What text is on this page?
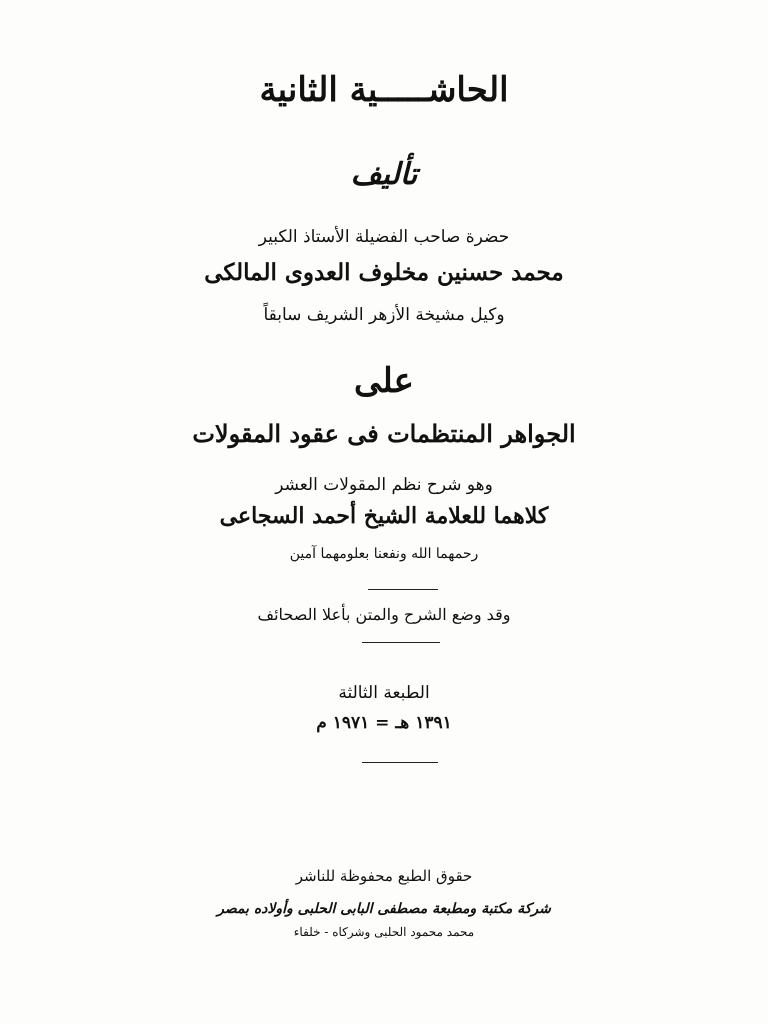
الحاشـــــية الثانية
تأليف
حضرة صاحب الفضيلة الأستاذ الكبير
محمد حسنين مخلوف العدوى المالكى
وكيل مشيخة الأزهر الشريف سابقاً
على
الجواهر المنتظمات فى عقود المقولات
وهو شرح نظم المقولات العشر
كلاهما للعلامة الشيخ أحمد السجاعى
رحمهما الله ونفعنا بعلومهما آمين
وقد وضع الشرح والمتن بأعلا الصحائف
الطبعة الثالثة
١٣٩١ هـ = ١٩٧١ م
حقوق الطبع محفوظة للناشر
شركة مكتبة ومطبعة مصطفى البابى الحلبى وأولاده بمصر
محمد محمود الحلبى وشركاه - خلفاء
